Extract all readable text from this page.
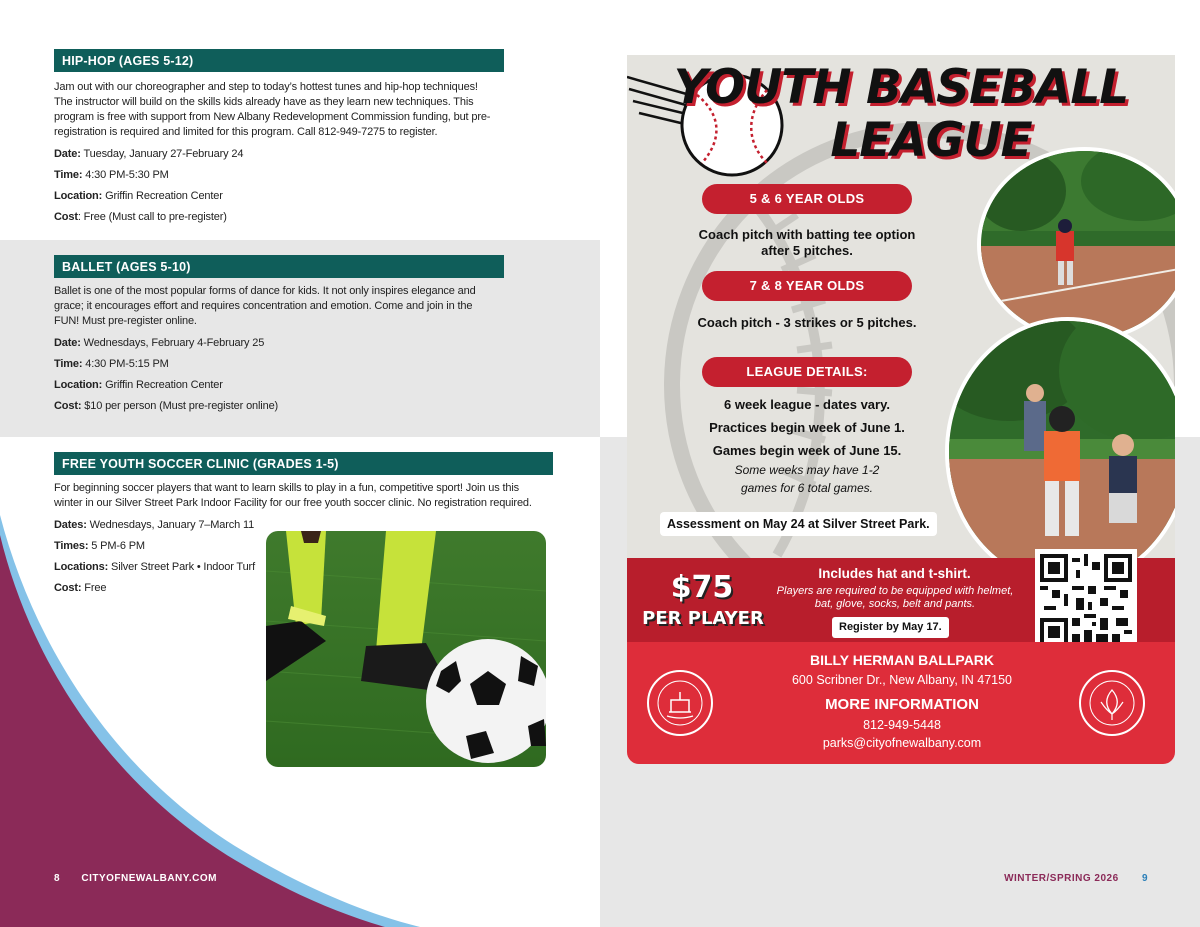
HIP-HOP (AGES 5-12)
Jam out with our choreographer and step to today’s hottest tunes and hip-hop techniques! The instructor will build on the skills kids already have as they learn new techniques. This program is free with support from New Albany Redevelopment Commission funding, but pre-registration is required and limited for this program. Call 812-949-7275 to register.
Date: Tuesday, January 27-February 24
Time: 4:30 PM-5:30 PM
Location: Griffin Recreation Center
Cost: Free (Must call to pre-register)
BALLET (AGES 5-10)
Ballet is one of the most popular forms of dance for kids. It not only inspires elegance and grace; it encourages effort and requires concentration and emotion. Come and join in the FUN! Must pre-register online.
Date: Wednesdays, February 4-February 25
Time: 4:30 PM-5:15 PM
Location: Griffin Recreation Center
Cost: $10 per person (Must pre-register online)
FREE YOUTH SOCCER CLINIC (GRADES 1-5)
For beginning soccer players that want to learn skills to play in a fun, competitive sport! Join us this winter in our Silver Street Park Indoor Facility for our free youth soccer clinic. No registration required.
Dates: Wednesdays, January 7–March 11
Times: 5 PM-6 PM
Locations: Silver Street Park • Indoor Turf
Cost: Free
8 CITYOFNEWALBANY.COM
YOUTH BASEBALL
LEAGUE
5 & 6 YEAR OLDS
Coach pitch with batting tee option after 5 pitches.
7 & 8 YEAR OLDS
Coach pitch - 3 strikes or 5 pitches.
LEAGUE DETAILS:
6 week league - dates vary.
Practices begin week of June 1.
Games begin week of June 15.
Some weeks may have 1-2 games for 6 total games.
Assessment on May 24 at Silver Street Park.
$75
PER PLAYER
Includes hat and t-shirt.
Players are required to be equipped with helmet, bat, glove, socks, belt and pants.
Register by May 17.
BILLY HERMAN BALLPARK
600 Scribner Dr., New Albany, IN 47150
MORE INFORMATION
812-949-5448
parks@cityofnewalbany.com
WINTER/SPRING 2026 9
